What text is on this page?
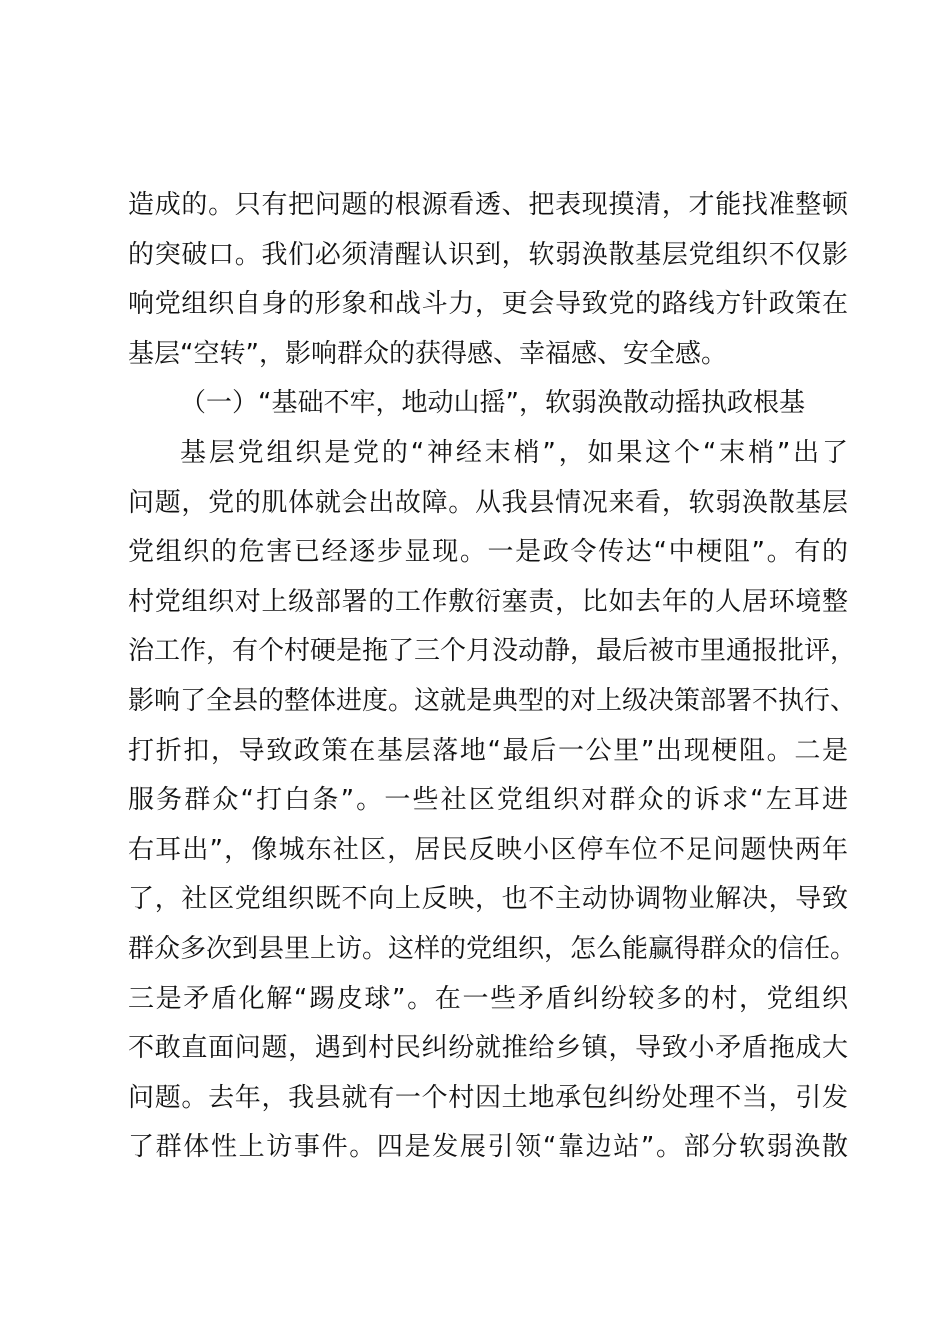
造成的。只有把问题的根源看透、把表现摸清，才能找准整顿
的突破口。我们必须清醒认识到，软弱涣散基层党组织不仅影
响党组织自身的形象和战斗力，更会导致党的路线方针政策在
基层“空转”，影响群众的获得感、幸福感、安全感。
（一）“基础不牢，地动山摇”，软弱涣散动摇执政根基
基层党组织是党的“神经末梢”，如果这个“末梢”出了
问题，党的肌体就会出故障。从我县情况来看，软弱涣散基层
党组织的危害已经逐步显现。一是政令传达“中梗阻”。有的
村党组织对上级部署的工作敷衍塞责，比如去年的人居环境整
治工作，有个村硬是拖了三个月没动静，最后被市里通报批评，
影响了全县的整体进度。这就是典型的对上级决策部署不执行、
打折扣，导致政策在基层落地“最后一公里”出现梗阻。二是
服务群众“打白条”。一些社区党组织对群众的诉求“左耳进
右耳出”，像城东社区，居民反映小区停车位不足问题快两年
了，社区党组织既不向上反映，也不主动协调物业解决，导致
群众多次到县里上访。这样的党组织，怎么能赢得群众的信任。
三是矛盾化解“踢皮球”。在一些矛盾纠纷较多的村，党组织
不敢直面问题，遇到村民纠纷就推给乡镇，导致小矛盾拖成大
问题。去年，我县就有一个村因土地承包纠纷处理不当，引发
了群体性上访事件。四是发展引领“靠边站”。部分软弱涣散
